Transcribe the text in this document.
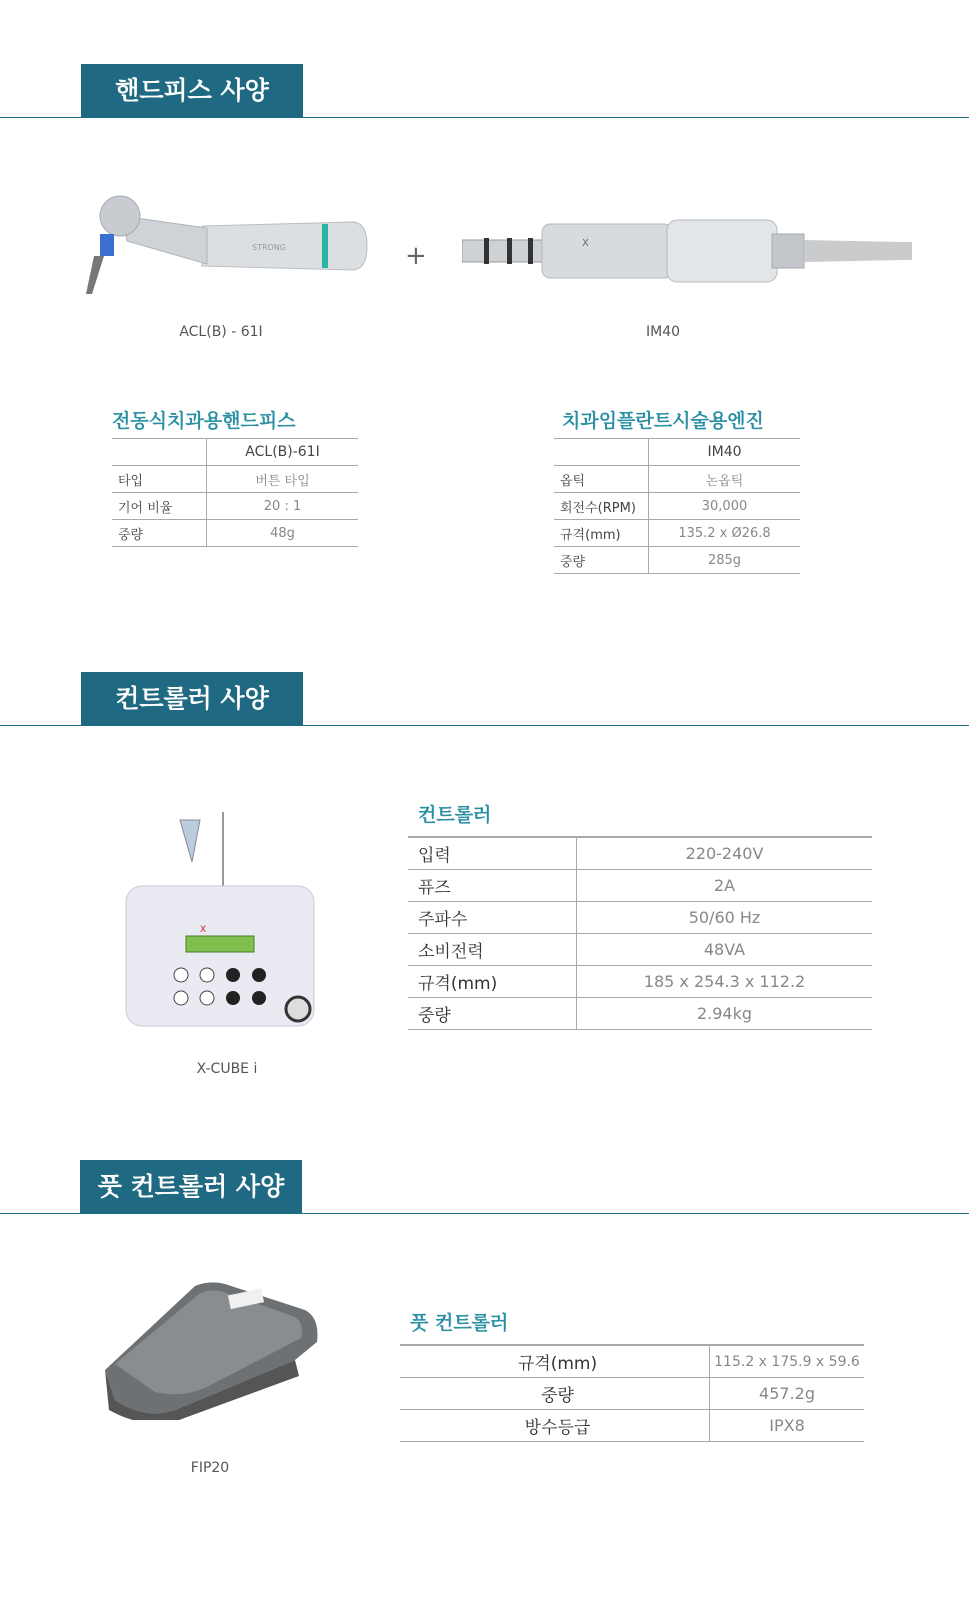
핸드피스 사양
STRONG	+	X
ACL(B) - 61I	IM40
전동식치과용핸드피스
	ACL(B)-61I
타입	버튼 타입
기어 비율	20 : 1
중량	48g
치과임플란트시술용엔진
	IM40
옵틱	논옵틱
회전수(RPM)	30,000
규격(mm)	135.2 x Ø26.8
중량	285g
컨트롤러 사양
X
X-CUBE i
컨트롤러
입력	220-240V
퓨즈	2A
주파수	50/60 Hz
소비전력	48VA
규격(mm)	185 x 254.3 x 112.2
중량	2.94kg
풋 컨트롤러 사양
FIP20
풋 컨트롤러
규격(mm)	115.2 x 175.9 x 59.6
중량	457.2g
방수등급	IPX8
